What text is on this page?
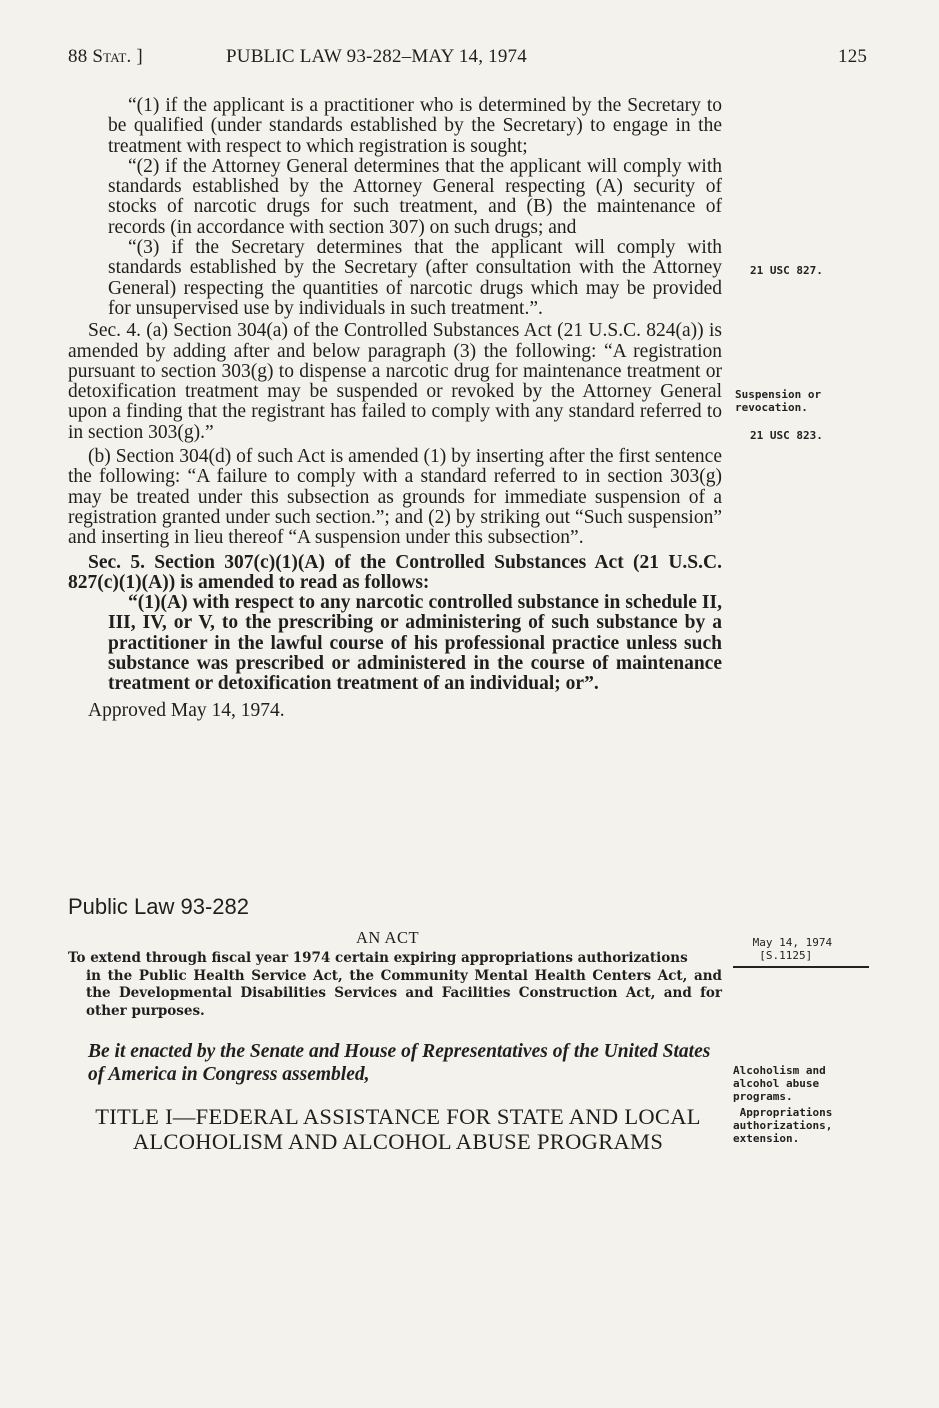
88 Stat. ]	PUBLIC LAW 93-282–MAY 14, 1974	125

“(1) if the applicant is a practitioner who is determined by the Secretary to be qualified (under standards established by the Secretary) to engage in the treatment with respect to which registration is sought;

“(2) if the Attorney General determines that the applicant will comply with standards established by the Attorney General respecting (A) security of stocks of narcotic drugs for such treatment, and (B) the maintenance of records (in accordance with section 307) on such drugs; and

“(3) if the Secretary determines that the applicant will comply with standards established by the Secretary (after consultation with the Attorney General) respecting the quantities of narcotic drugs which may be provided for unsupervised use by individuals in such treatment.”.

Sec. 4. (a) Section 304(a) of the Controlled Substances Act (21 U.S.C. 824(a)) is amended by adding after and below paragraph (3) the following: “A registration pursuant to section 303(g) to dispense a narcotic drug for maintenance treatment or detoxification treatment may be suspended or revoked by the Attorney General upon a finding that the registrant has failed to comply with any standard referred to in section 303(g).”

(b) Section 304(d) of such Act is amended (1) by inserting after the first sentence the following: “A failure to comply with a standard referred to in section 303(g) may be treated under this subsection as grounds for immediate suspension of a registration granted under such section.”; and (2) by striking out “Such suspension” and inserting in lieu thereof “A suspension under this subsection”.

Sec. 5. Section 307(c)(1)(A) of the Controlled Substances Act (21 U.S.C. 827(c)(1)(A)) is amended to read as follows:

“(1)(A) with respect to any narcotic controlled substance in schedule II, III, IV, or V, to the prescribing or administering of such substance by a practitioner in the lawful course of his professional practice unless such substance was prescribed or administered in the course of maintenance treatment or detoxification treatment of an individual; or”.

Approved May 14, 1974.

Public Law 93-282
AN ACT
To extend through fiscal year 1974 certain expiring appropriations authorizations
in the Public Health Service Act, the Community Mental Health Centers Act, and the Developmental Disabilities Services and Facilities Construction Act, and for other purposes.
Be it enacted by the Senate and House of Representatives of the United States of America in Congress assembled,
TITLE I—FEDERAL ASSISTANCE FOR STATE AND LOCAL
ALCOHOLISM AND ALCOHOL ABUSE PROGRAMS
21 USC 827.
Suspension or
revocation.
21 USC 823.
May 14, 1974
[S.1125]
Alcoholism and
alcohol abuse
programs.
Appropriations
authorizations,
extension.
